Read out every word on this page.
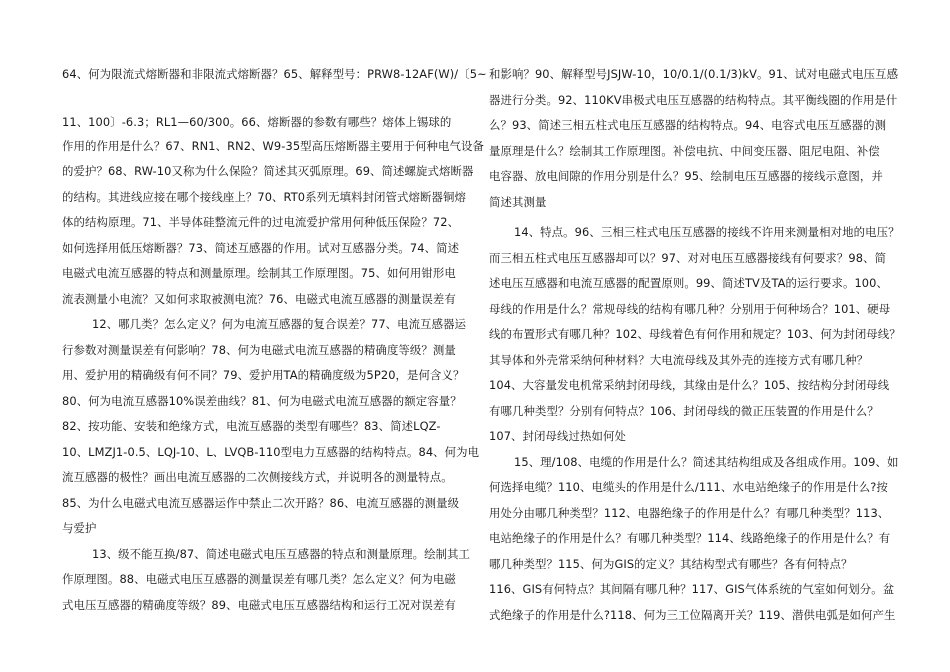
64、何为限流式熔断器和非限流式熔断器？65、解释型号：PRW8-12AF(W)/〔5~
11、100〕-6.3；RL1—60/300。66、熔断器的参数有哪些？熔体上锡球的
作用的作用是什么？67、RN1、RN2、W9-35型高压熔断器主要用于何种电气设备
的爱护？68、RW-10又称为什么保险？简述其灭弧原理。69、简述螺旋式熔断器
的结构。其进线应接在哪个接线座上？70、RT0系列无填料封闭管式熔断器铜熔
体的结构原理。71、半导体硅整流元件的过电流爱护常用何种低压保险？72、
如何选择用低压熔断器？73、简述互感器的作用。试对互感器分类。74、简述
电磁式电流互感器的特点和测量原理。绘制其工作原理图。75、如何用钳形电
流表测量小电流？又如何求取被测电流？76、电磁式电流互感器的测量误差有
12、哪几类？怎么定义？何为电流互感器的复合误差？77、电流互感器运
行参数对测量误差有何影响？78、何为电磁式电流互感器的精确度等级？测量
用、爱护用的精确级有何不同？79、爱护用TA的精确度级为5P20，是何含义？
80、何为电流互感器10%误差曲线？81、何为电磁式电流互感器的额定容量？
82、按功能、安装和绝缘方式，电流互感器的类型有哪些？83、简述LQZ-
10、LMZJ1-0.5、LQJ-10、L、LVQB-110型电力互感器的结构特点。84、何为电
流互感器的极性？画出电流互感器的二次侧接线方式，并说明各的测量特点。
85、为什么电磁式电流互感器运作中禁止二次开路？86、电流互感器的测量级
与爱护
13、级不能互换/87、简述电磁式电压互感器的特点和测量原理。绘制其工
作原理图。88、电磁式电压互感器的测量误差有哪几类？怎么定义？何为电磁
式电压互感器的精确度等级？89、电磁式电压互感器结构和运行工况对误差有
和影响？90、解释型号JSJW-10，10/0.1/(0.1/3)kV。91、试对电磁式电压互感
器进行分类。92、110KV串极式电压互感器的结构特点。其平衡线圈的作用是什
么？93、简述三相五柱式电压互感器的结构特点。94、电容式电压互感器的测
量原理是什么？绘制其工作原理图。补偿电抗、中间变压器、阻尼电阻、补偿
电容器、放电间隙的作用分别是什么？95、绘制电压互感器的接线示意图，并
简述其测量
14、特点。96、三相三柱式电压互感器的接线不许用来测量相对地的电压？
而三相五柱式电压互感器却可以？97、对对电压互感器接线有何要求？98、简
述电压互感器和电流互感器的配置原则。99、简述TV及TA的运行要求。100、
母线的作用是什么？常规母线的结构有哪几种？分别用于何种场合？101、硬母
线的布置形式有哪几种？102、母线着色有何作用和规定？103、何为封闭母线？
其导体和外壳常采纳何种材料？大电流母线及其外壳的连接方式有哪几种？
104、大容量发电机常采纳封闭母线，其缘由是什么？105、按结构分封闭母线
有哪几种类型？分别有何特点？106、封闭母线的微正压装置的作用是什么？
107、封闭母线过热如何处
15、理/108、电缆的作用是什么？简述其结构组成及各组成作用。109、如
何选择电缆？110、电缆头的作用是什么/111、水电站绝缘子的作用是什么?按
用处分由哪几种类型？112、电器绝缘子的作用是什么？有哪几种类型？113、
电站绝缘子的作用是什么？有哪几种类型？114、线路绝缘子的作用是什么？有
哪几种类型？115、何为GIS的定义？其结构型式有哪些？各有何特点？
116、GIS有何特点？其间隔有哪几种？117、GIS气体系统的气室如何划分。盆
式绝缘子的作用是什么?118、何为三工位隔离开关？119、潜供电弧是如何产生
